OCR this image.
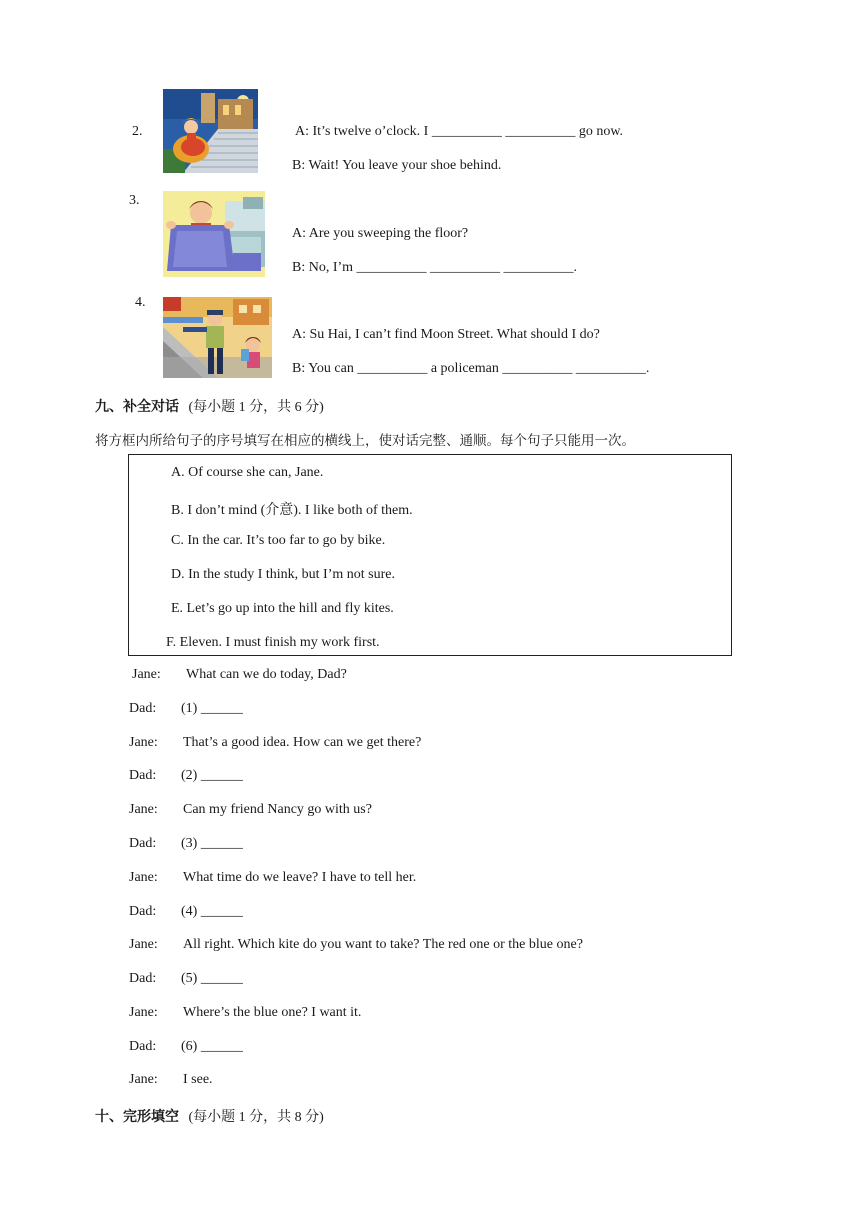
2.	A: It’s twelve o’clock. I __________ __________ go now.
B: Wait! You leave your shoe behind.
3.
A: Are you sweeping the floor?
B: No, I’m __________ __________ __________.
4.
A: Su Hai, I can’t find Moon Street. What should I do?
B: You can __________ a policeman __________ __________.
九、补全对话 (每小题 1 分，共 6 分)
将方框内所给句子的序号填写在相应的横线上，使对话完整、通顺。每个句子只能用一次。
A. Of course she can, Jane.
B. I don’t mind (介意). I like both of them.
C. In the car. It’s too far to go by bike.
D. In the study I think, but I’m not sure.
E. Let’s go up into the hill and fly kites.
F. Eleven. I must finish my work first.
Jane: What can we do today, Dad?
Dad: (1) ______
Jane: That’s a good idea. How can we get there?
Dad: (2) ______
Jane: Can my friend Nancy go with us?
Dad: (3) ______
Jane: What time do we leave? I have to tell her.
Dad: (4) ______
Jane: All right. Which kite do you want to take? The red one or the blue one?
Dad: (5) ______
Jane: Where’s the blue one? I want it.
Dad: (6) ______
Jane: I see.
十、完形填空 (每小题 1 分，共 8 分)
